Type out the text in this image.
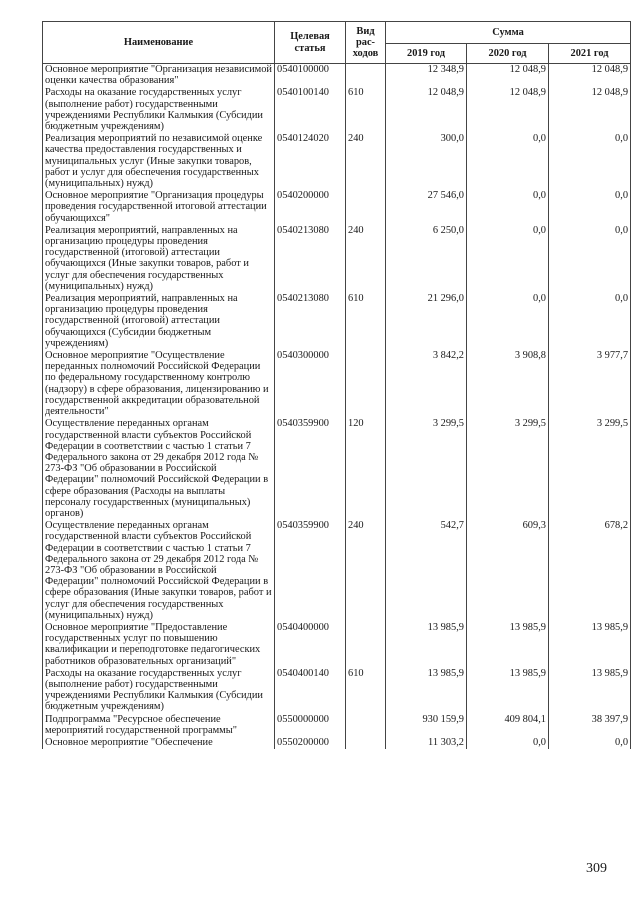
Наименование	Целевая статья	Вид рас-ходов	Сумма		
			2019 год	2020 год	2021 год
Основное мероприятие "Организация независимой оценки качества образования"	0540100000		12 348,9	12 048,9	12 048,9
Расходы на оказание государственных услуг (выполнение работ) государственными учреждениями Республики Калмыкия (Субсидии бюджетным учреждениям)	0540100140	610	12 048,9	12 048,9	12 048,9
Реализация мероприятий по независимой оценке качества предоставления государственных и муниципальных услуг (Иные закупки товаров, работ и услуг для обеспечения государственных (муниципальных) нужд)	0540124020	240	300,0	0,0	0,0
Основное мероприятие "Организация процедуры проведения государственной итоговой аттестации обучающихся"	0540200000		27 546,0	0,0	0,0
Реализация мероприятий, направленных на организацию процедуры проведения государственной (итоговой) аттестации обучающихся (Иные закупки товаров, работ и услуг для обеспечения государственных (муниципальных) нужд)	0540213080	240	6 250,0	0,0	0,0
Реализация мероприятий, направленных на организацию процедуры проведения государственной (итоговой) аттестации обучающихся (Субсидии бюджетным учреждениям)	0540213080	610	21 296,0	0,0	0,0
Основное мероприятие "Осуществление переданных полномочий Российской Федерации по федеральному государственному контролю (надзору) в сфере образования, лицензированию и государственной аккредитации образовательной деятельности"	0540300000		3 842,2	3 908,8	3 977,7
Осуществление переданных органам государственной власти субъектов Российской Федерации в соответствии с частью 1 статьи 7 Федерального закона от 29 декабря 2012 года № 273-ФЗ "Об образовании в Российской Федерации" полномочий Российской Федерации в сфере образования (Расходы на выплаты персоналу государственных (муниципальных) органов)	0540359900	120	3 299,5	3 299,5	3 299,5
Осуществление переданных органам государственной власти субъектов Российской Федерации в соответствии с частью 1 статьи 7 Федерального закона от 29 декабря 2012 года № 273-ФЗ "Об образовании в Российской Федерации" полномочий Российской Федерации в сфере образования (Иные закупки товаров, работ и услуг для обеспечения государственных (муниципальных) нужд)	0540359900	240	542,7	609,3	678,2
Основное мероприятие "Предоставление государственных услуг по повышению квалификации и переподготовке педагогических работников образовательных организаций"	0540400000		13 985,9	13 985,9	13 985,9
Расходы на оказание государственных услуг (выполнение работ) государственными учреждениями Республики Калмыкия (Субсидии бюджетным учреждениям)	0540400140	610	13 985,9	13 985,9	13 985,9
Подпрограмма "Ресурсное обеспечение мероприятий государственной программы"	0550000000		930 159,9	409 804,1	38 397,9
Основное мероприятие "Обеспечение	0550200000		11 303,2	0,0	0,0
309
